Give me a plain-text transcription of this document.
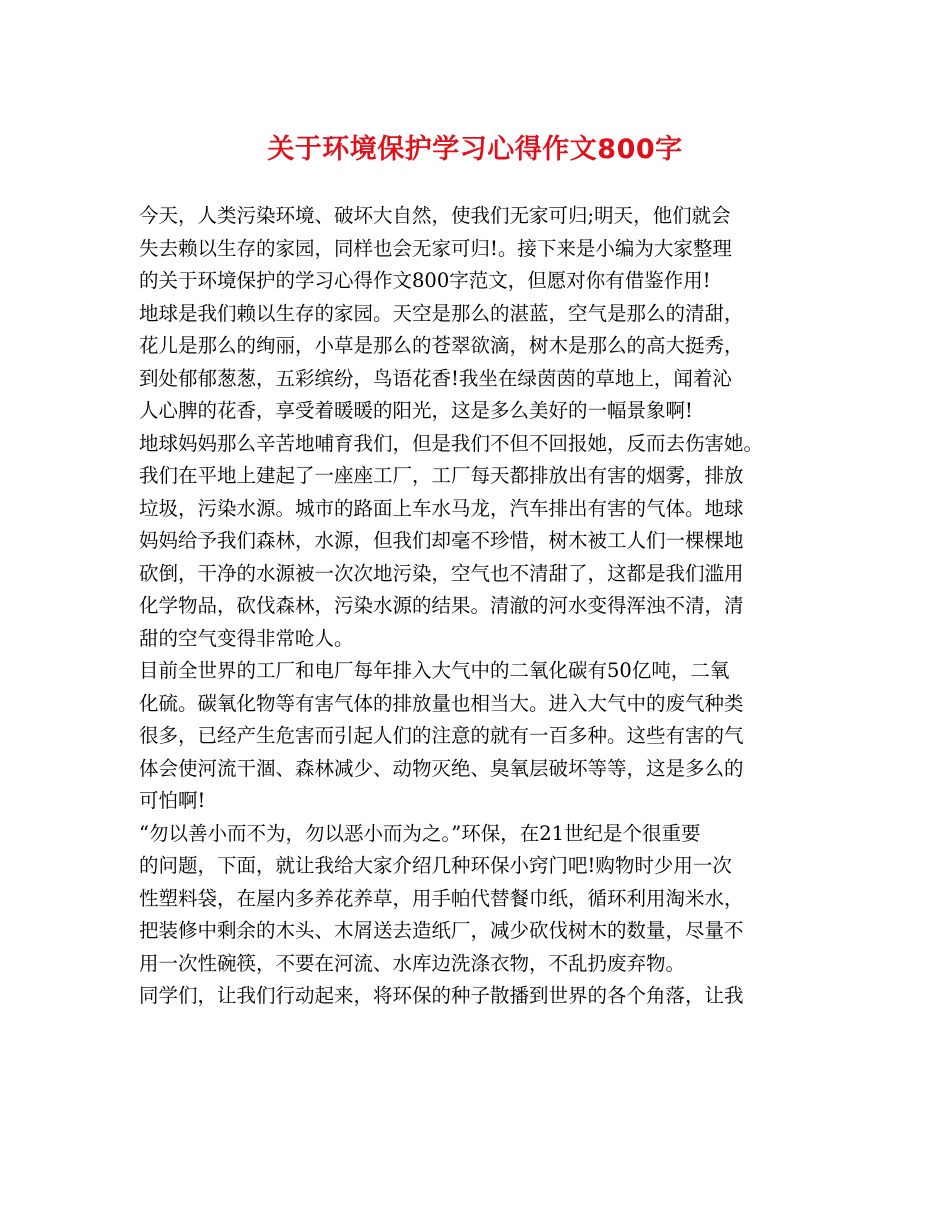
关于环境保护学习心得作文800字
今天，人类污染环境、破坏大自然，使我们无家可归;明天，他们就会
失去赖以生存的家园，同样也会无家可归!。接下来是小编为大家整理
的关于环境保护的学习心得作文800字范文，但愿对你有借鉴作用!
地球是我们赖以生存的家园。天空是那么的湛蓝，空气是那么的清甜，
花儿是那么的绚丽，小草是那么的苍翠欲滴，树木是那么的高大挺秀，
到处郁郁葱葱，五彩缤纷，鸟语花香!我坐在绿茵茵的草地上，闻着沁
人心脾的花香，享受着暖暖的阳光，这是多么美好的一幅景象啊!
地球妈妈那么辛苦地哺育我们，但是我们不但不回报她，反而去伤害她。
我们在平地上建起了一座座工厂，工厂每天都排放出有害的烟雾，排放
垃圾，污染水源。城市的路面上车水马龙，汽车排出有害的气体。地球
妈妈给予我们森林，水源，但我们却毫不珍惜，树木被工人们一棵棵地
砍倒，干净的水源被一次次地污染，空气也不清甜了，这都是我们滥用
化学物品，砍伐森林，污染水源的结果。清澈的河水变得浑浊不清，清
甜的空气变得非常呛人。
目前全世界的工厂和电厂每年排入大气中的二氧化碳有50亿吨，二氧
化硫。碳氧化物等有害气体的排放量也相当大。进入大气中的废气种类
很多，已经产生危害而引起人们的注意的就有一百多种。这些有害的气
体会使河流干涸、森林减少、动物灭绝、臭氧层破坏等等，这是多么的
可怕啊!
“勿以善小而不为，勿以恶小而为之。”环保，在21世纪是个很重要
的问题，下面，就让我给大家介绍几种环保小窍门吧!购物时少用一次
性塑料袋，在屋内多养花养草，用手帕代替餐巾纸，循环利用淘米水，
把装修中剩余的木头、木屑送去造纸厂，减少砍伐树木的数量，尽量不
用一次性碗筷，不要在河流、水库边洗涤衣物，不乱扔废弃物。
同学们，让我们行动起来，将环保的种子散播到世界的各个角落，让我
